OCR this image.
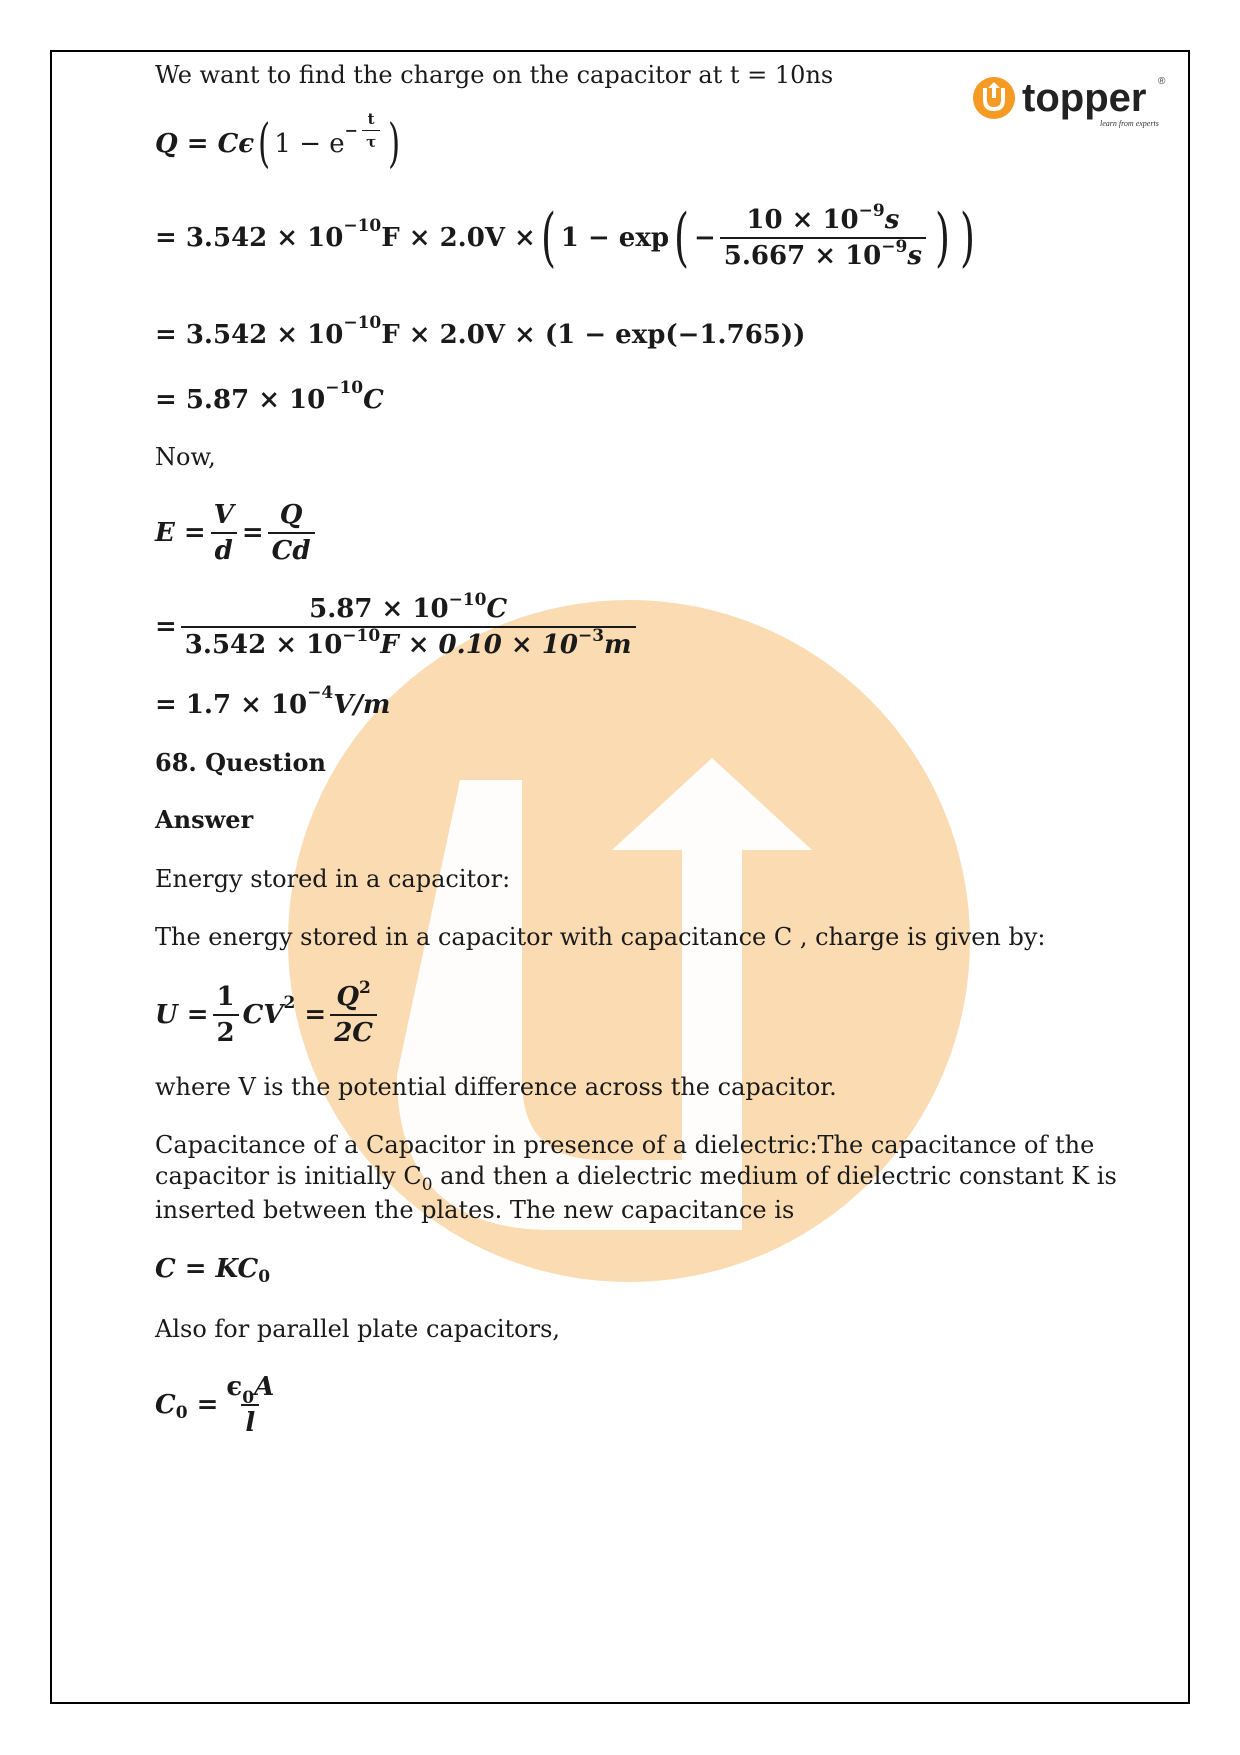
topper ®
learn from experts
We want to find the charge on the capacitor at t = 10ns
Q
=
Cϵ ( $1 - e - \frac{t}{\tau}$ )
= 3.542 × 10 −10 F × 2.0V × ( 1 − exp ( − $\frac{10 \times 10^{-9}s}{5.667 \times 10^{-9}s}$ ) )
= 3.542 × 10 −10 F × 2.0V × (1 − exp(−1.765))
= 5.87 × 10 −10 C
Now,
$E = \frac{V}{d} = \frac{Q}{Cd}$
= $\frac{5.87 \times 10^{-10}C}{3.542 \times 10^{-10}F \times 0.10 \times 10^{-3}m}$
= 1.7 × 10 −4 V/m
68. Question
Answer
Energy stored in a capacitor:
The energy stored in a capacitor with capacitance C , charge is given by:
$U = \frac{1}{2}$ CV 2
= $\frac{Q^2}{2C}$
where V is the potential difference across the capacitor.
Capacitance of a Capacitor in presence of a dielectric:The capacitance of the
capacitor is initially $C_0$ and then a dielectric medium of dielectric constant K is
inserted between the plates. The new capacitance is
C = KC 0
Also for parallel plate capacitors,
C 0
= $\frac{\epsilon_0A}{l}$
